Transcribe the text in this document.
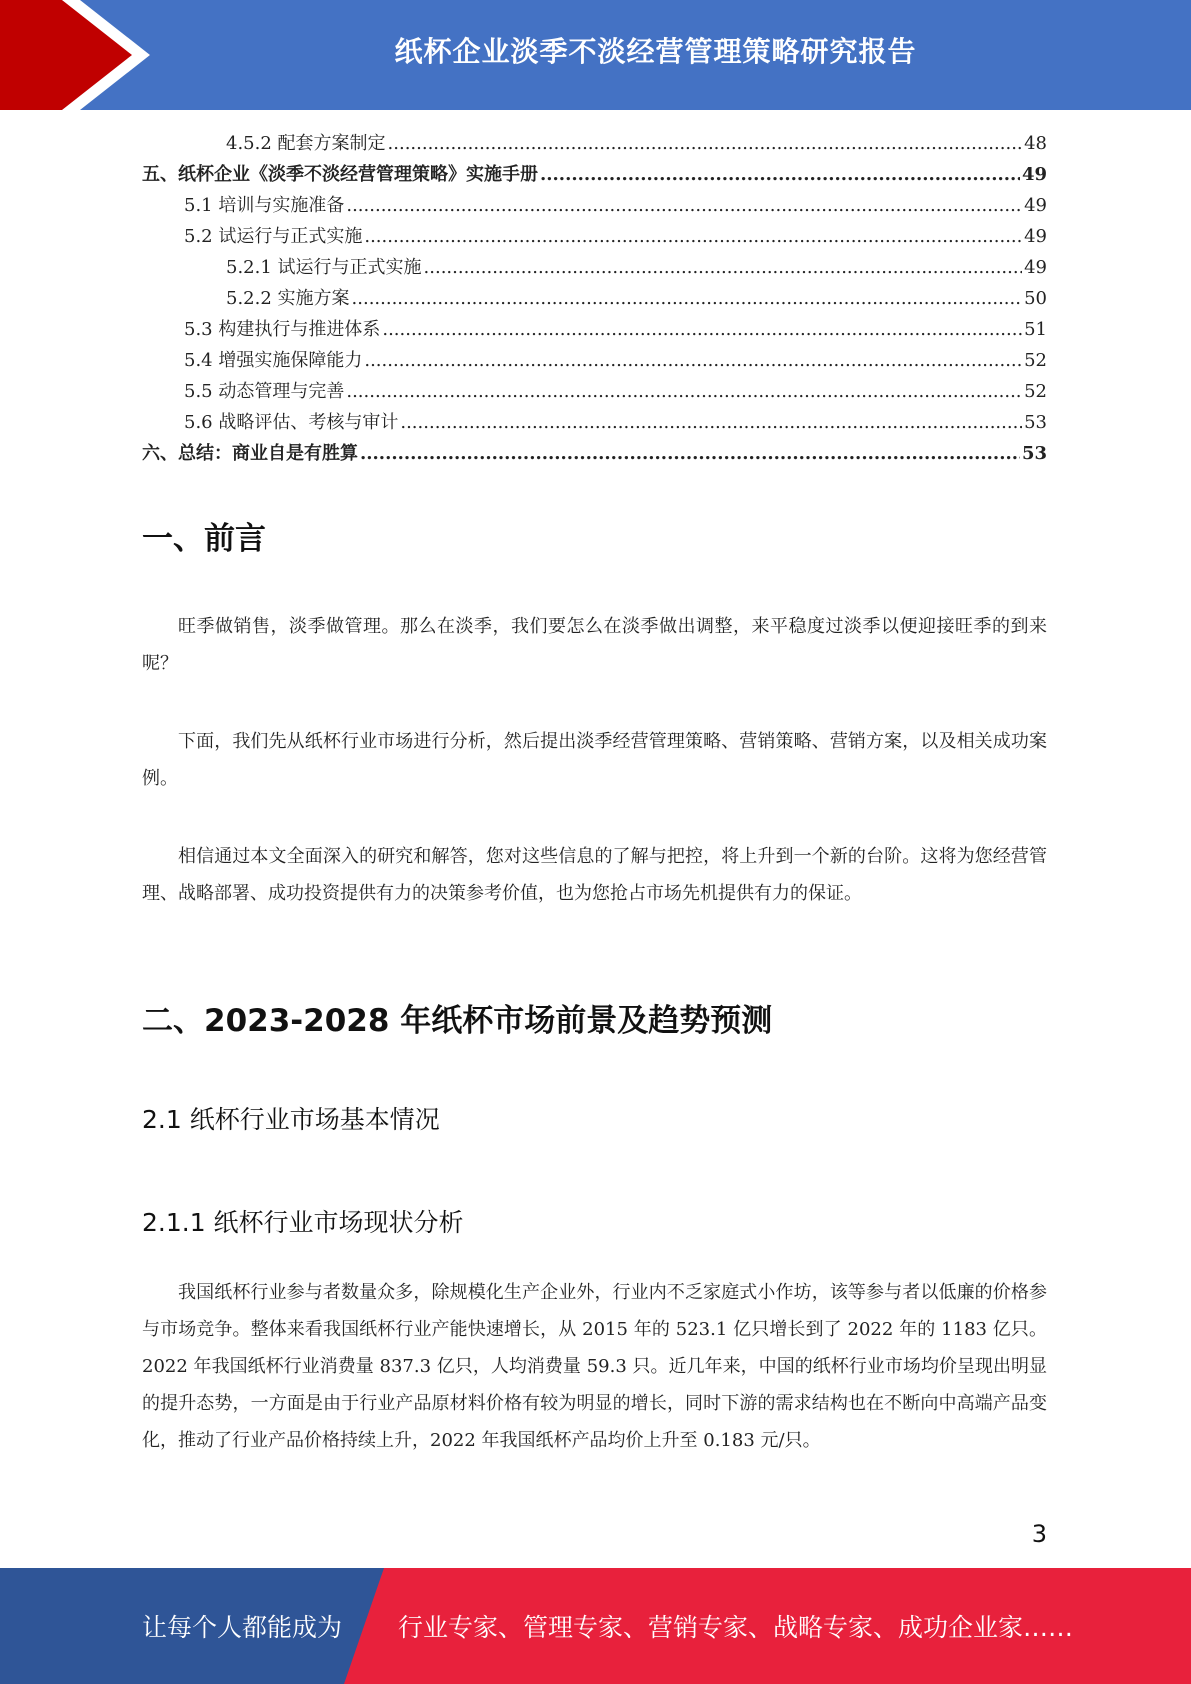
纸杯企业淡季不淡经营管理策略研究报告
4.5.2 配套方案制定 .....	48
五、纸杯企业《淡季不淡经营管理策略》实施手册 .....	49
5.1 培训与实施准备 .....	49
5.2 试运行与正式实施 .....	49
5.2.1 试运行与正式实施 .....	49
5.2.2 实施方案 .....	50
5.3 构建执行与推进体系 .....	51
5.4 增强实施保障能力 .....	52
5.5 动态管理与完善 .....	52
5.6 战略评估、考核与审计 .....	53
六、总结：商业自是有胜算 .....	53
一、前言

旺季做销售，淡季做管理。那么在淡季，我们要怎么在淡季做出调整，来平稳度过淡季以便迎接旺季的到来呢？

下面，我们先从纸杯行业市场进行分析，然后提出淡季经营管理策略、营销策略、营销方案，以及相关成功案例。

相信通过本文全面深入的研究和解答，您对这些信息的了解与把控，将上升到一个新的台阶。这将为您经营管理、战略部署、成功投资提供有力的决策参考价值，也为您抢占市场先机提供有力的保证。

二、2023-2028 年纸杯市场前景及趋势预测
2.1 纸杯行业市场基本情况
2.1.1 纸杯行业市场现状分析

我国纸杯行业参与者数量众多，除规模化生产企业外，行业内不乏家庭式小作坊，该等参与者以低廉的价格参与市场竞争。整体来看我国纸杯行业产能快速增长，从 2015 年的 523.1 亿只增长到了 2022 年的 1183 亿只。2022 年我国纸杯行业消费量 837.3 亿只，人均消费量 59.3 只。近几年来，中国的纸杯行业市场均价呈现出明显的提升态势，一方面是由于行业产品原材料价格有较为明显的增长，同时下游的需求结构也在不断向中高端产品变化，推动了行业产品价格持续上升，2022 年我国纸杯产品均价上升至 0.183 元/只。

3
让每个人都能成为 行业专家、管理专家、营销专家、战略专家、成功企业家……
